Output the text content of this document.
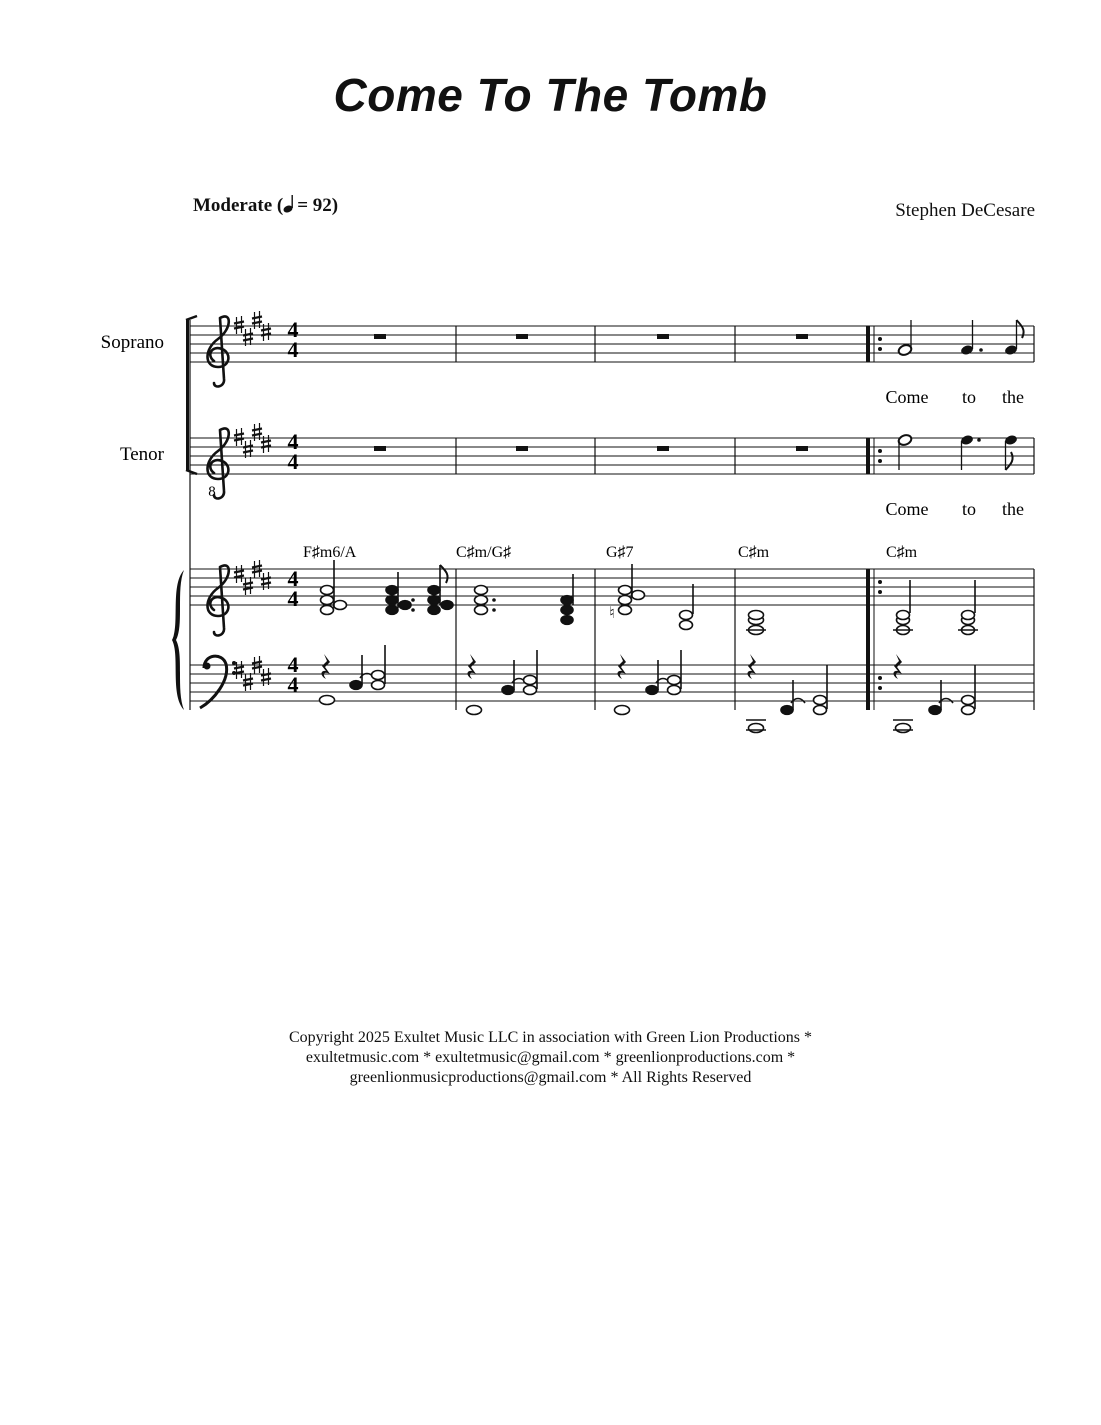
Come To The Tomb
Moderate ( = 92)	Stephen DeCesare
Soprano
Tenor
8
F♯m6/A	C♯m/G♯	G♯7	C♯m	C♯m
Come to the
Come to the
4
4
4
4
4
4
4
4
♮
Copyright 2025 Exultet Music LLC in association with Green Lion Productions *
exultetmusic.com * exultetmusic@gmail.com * greenlionproductions.com *
greenlionmusicproductions@gmail.com * All Rights Reserved
